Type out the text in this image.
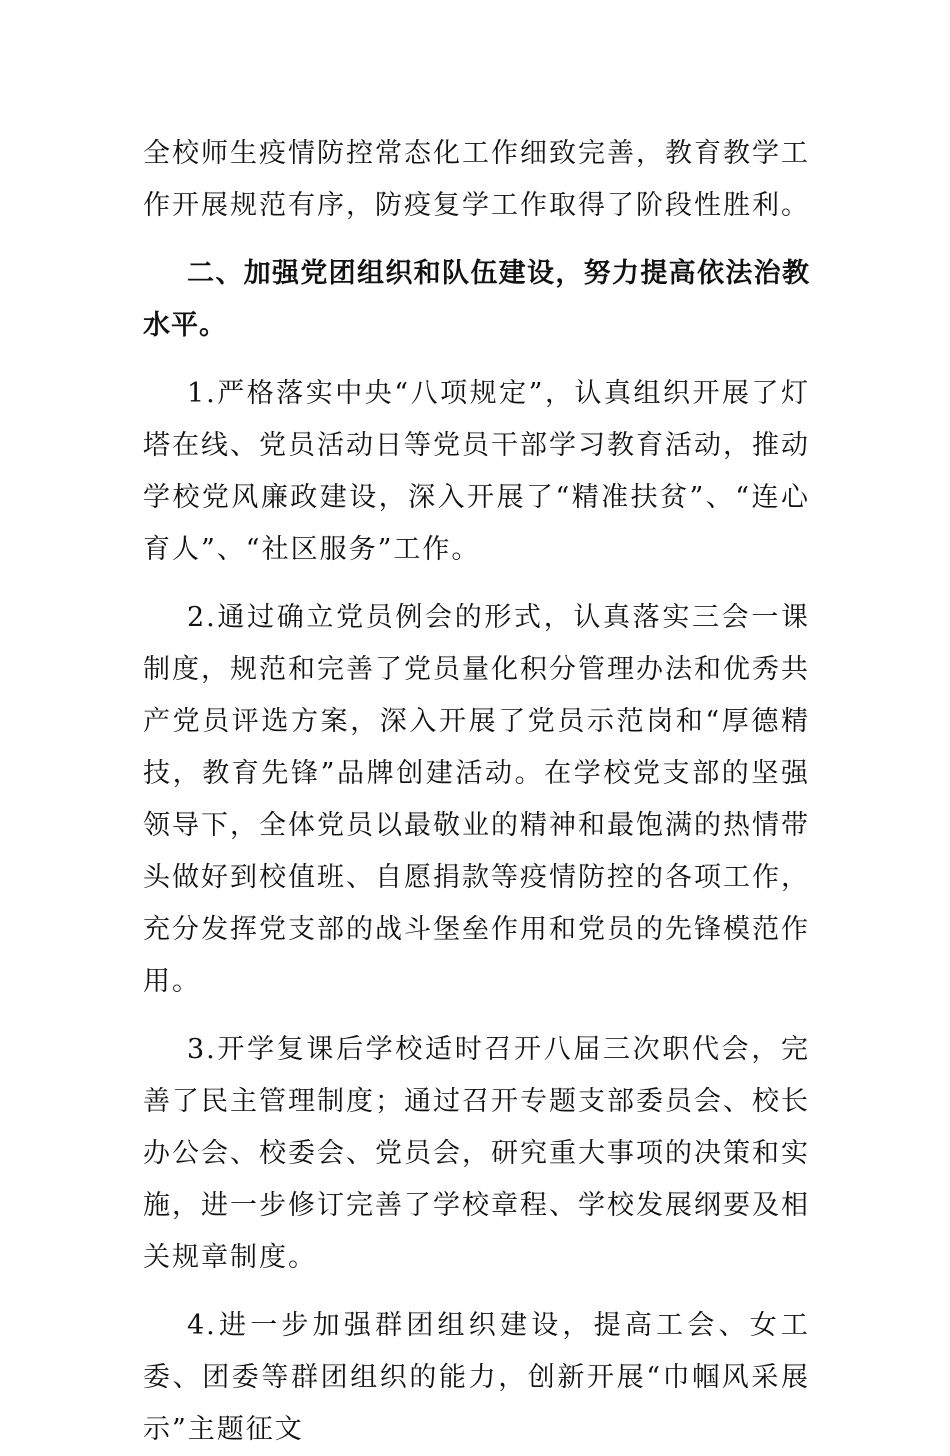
全校师生疫情防控常态化工作细致完善，教育教学工作开展规范有序，防疫复学工作取得了阶段性胜利。

二、加强党团组织和队伍建设，努力提高依法治教水平。

1.严格落实中央“八项规定”，认真组织开展了灯塔在线、党员活动日等党员干部学习教育活动，推动学校党风廉政建设，深入开展了“精准扶贫”、“连心育人”、“社区服务”工作。

2.通过确立党员例会的形式，认真落实三会一课制度，规范和完善了党员量化积分管理办法和优秀共产党员评选方案，深入开展了党员示范岗和“厚德精技，教育先锋”品牌创建活动。在学校党支部的坚强领导下，全体党员以最敬业的精神和最饱满的热情带头做好到校值班、自愿捐款等疫情防控的各项工作，充分发挥党支部的战斗堡垒作用和党员的先锋模范作用。

3.开学复课后学校适时召开八届三次职代会，完善了民主管理制度；通过召开专题支部委员会、校长办公会、校委会、党员会，研究重大事项的决策和实施，进一步修订完善了学校章程、学校发展纲要及相关规章制度。

4.进一步加强群团组织建设，提高工会、女工委、团委等群团组织的能力，创新开展“巾帼风采展示”主题征文
